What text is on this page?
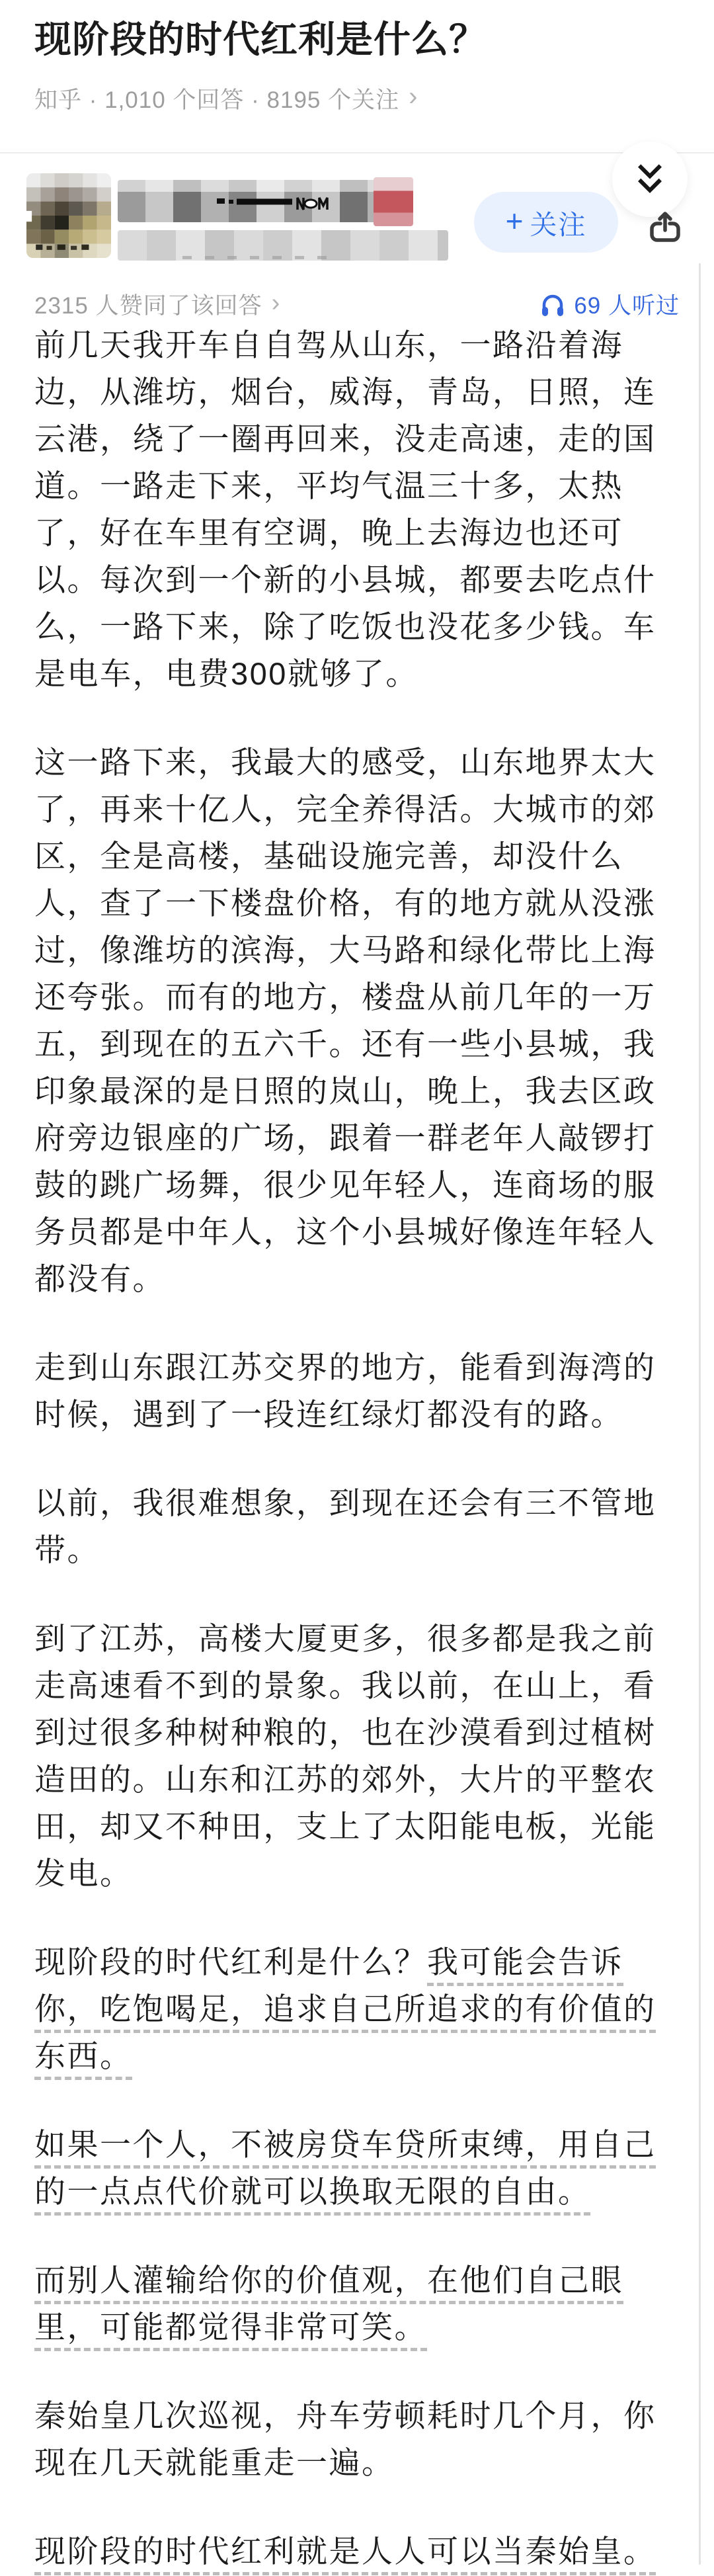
现阶段的时代红利是什么？
知乎 · 1,010 个回答 · 8195 个关注 ›
+ 关注
2315 人赞同了该回答 ›	69 人听过

前几天我开车自自驾从山东，一路沿着海边，从潍坊，烟台，威海，青岛，日照，连云港，绕了一圈再回来，没走高速，走的国道。一路走下来，平均气温三十多，太热了，好在车里有空调，晚上去海边也还可以。每次到一个新的小县城，都要去吃点什么，一路下来，除了吃饭也没花多少钱。车是电车，电费300就够了。

这一路下来，我最大的感受，山东地界太大了，再来十亿人，完全养得活。大城市的郊区，全是高楼，基础设施完善，却没什么人，查了一下楼盘价格，有的地方就从没涨过，像潍坊的滨海，大马路和绿化带比上海还夸张。而有的地方，楼盘从前几年的一万五，到现在的五六千。还有一些小县城，我印象最深的是日照的岚山，晚上，我去区政府旁边银座的广场，跟着一群老年人敲锣打鼓的跳广场舞，很少见年轻人，连商场的服务员都是中年人，这个小县城好像连年轻人都没有。

走到山东跟江苏交界的地方，能看到海湾的时候，遇到了一段连红绿灯都没有的路。

以前，我很难想象，到现在还会有三不管地带。

到了江苏，高楼大厦更多，很多都是我之前走高速看不到的景象。我以前，在山上，看到过很多种树种粮的，也在沙漠看到过植树造田的。山东和江苏的郊外，大片的平整农田，却又不种田，支上了太阳能电板，光能发电。

现阶段的时代红利是什么？我可能会告诉你，吃饱喝足，追求自己所追求的有价值的东西。

如果一个人，不被房贷车贷所束缚，用自己的一点点代价就可以换取无限的自由。

而别人灌输给你的价值观，在他们自己眼里，可能都觉得非常可笑。

秦始皇几次巡视，舟车劳顿耗时几个月，你现在几天就能重走一遍。

现阶段的时代红利就是人人可以当秦始皇。
